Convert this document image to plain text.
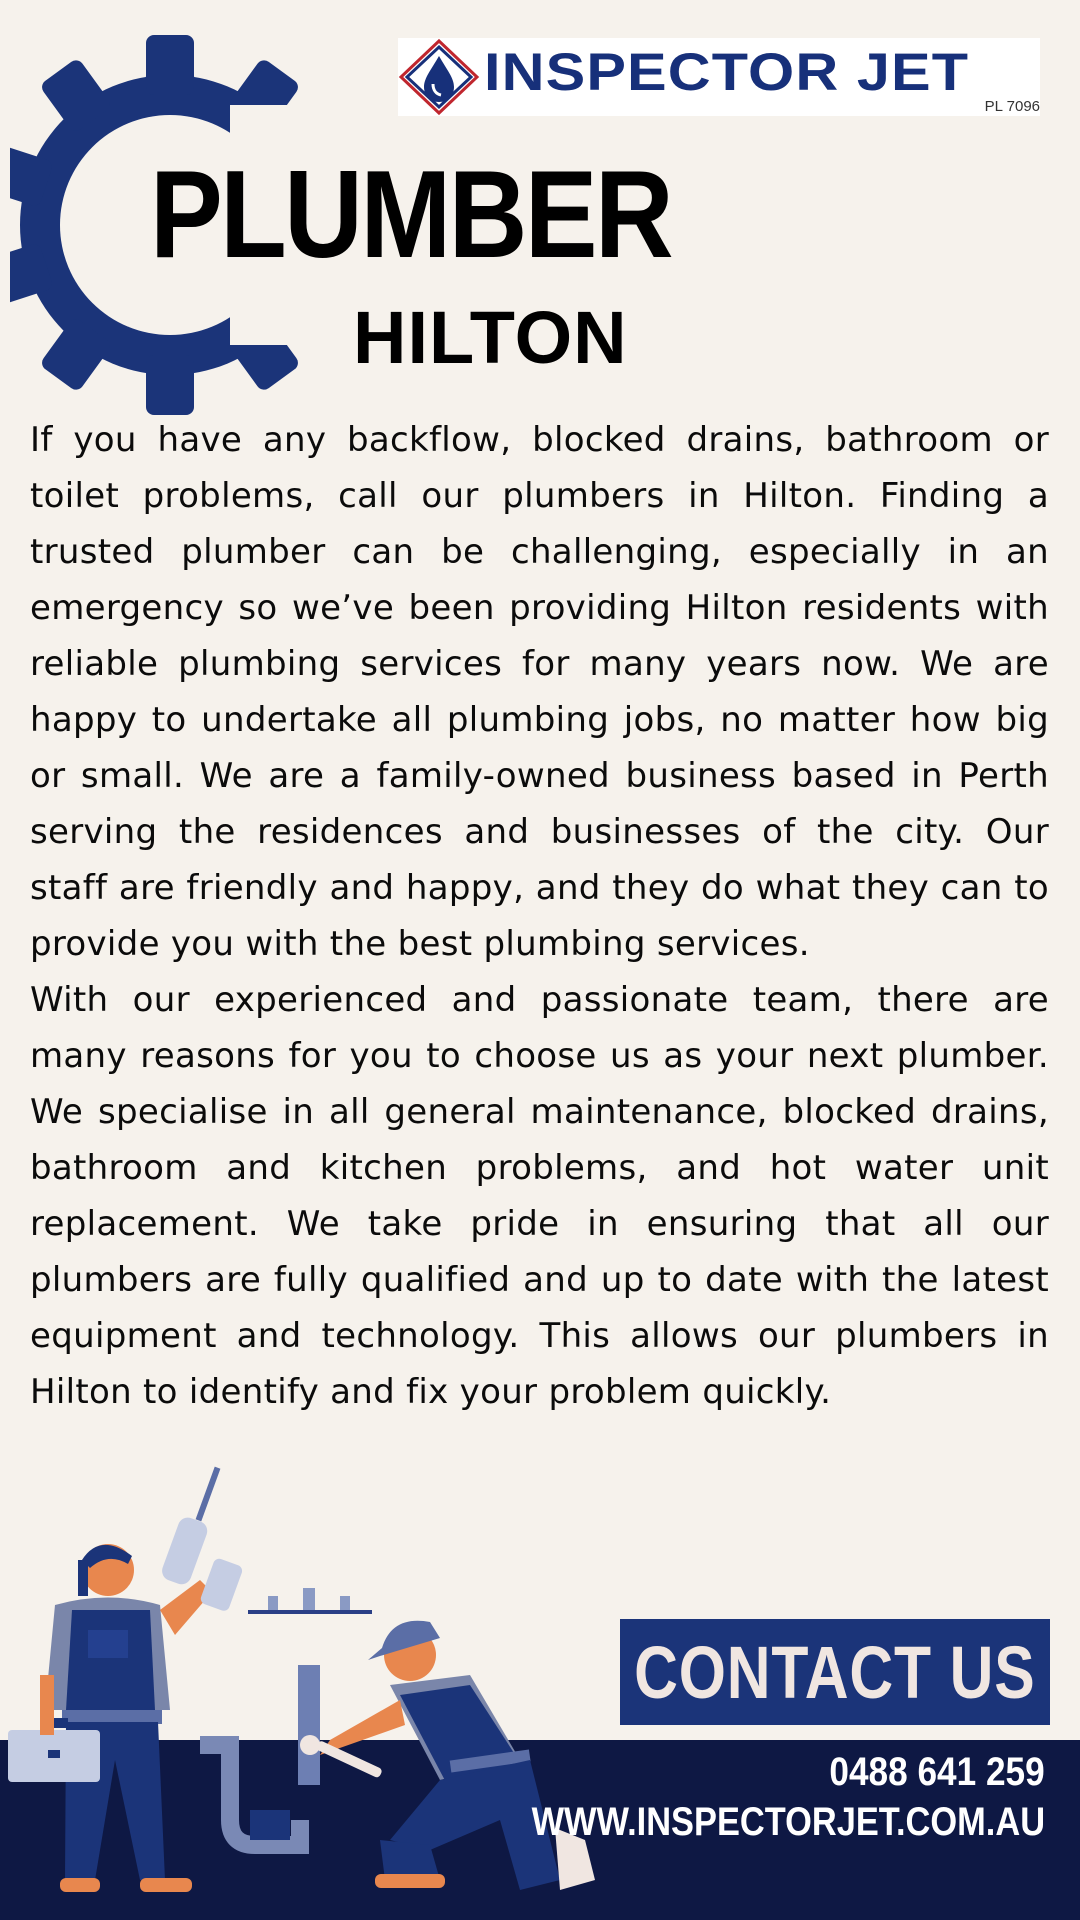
INSPECTOR JET
PL 7096
PLUMBER
HILTON

If you have any backflow, blocked drains, bathroom or toilet problems, call our plumbers in Hilton. Finding a trusted plumber can be challenging, especially in an emergency so we’ve been providing Hilton residents with reliable plumbing services for many years now. We are happy to undertake all plumbing jobs, no matter how big or small. We are a family-owned business based in Perth serving the residences and businesses of the city. Our staff are friendly and happy, and they do what they can to provide you with the best plumbing services.

With our experienced and passionate team, there are many reasons for you to choose us as your next plumber. We specialise in all general maintenance, blocked drains, bathroom and kitchen problems, and hot water unit replacement. We take pride in ensuring that all our plumbers are fully qualified and up to date with the latest equipment and technology. This allows our plumbers in Hilton to identify and fix your problem quickly.

CONTACT US
0488 641 259
WWW.INSPECTORJET.COM.AU
